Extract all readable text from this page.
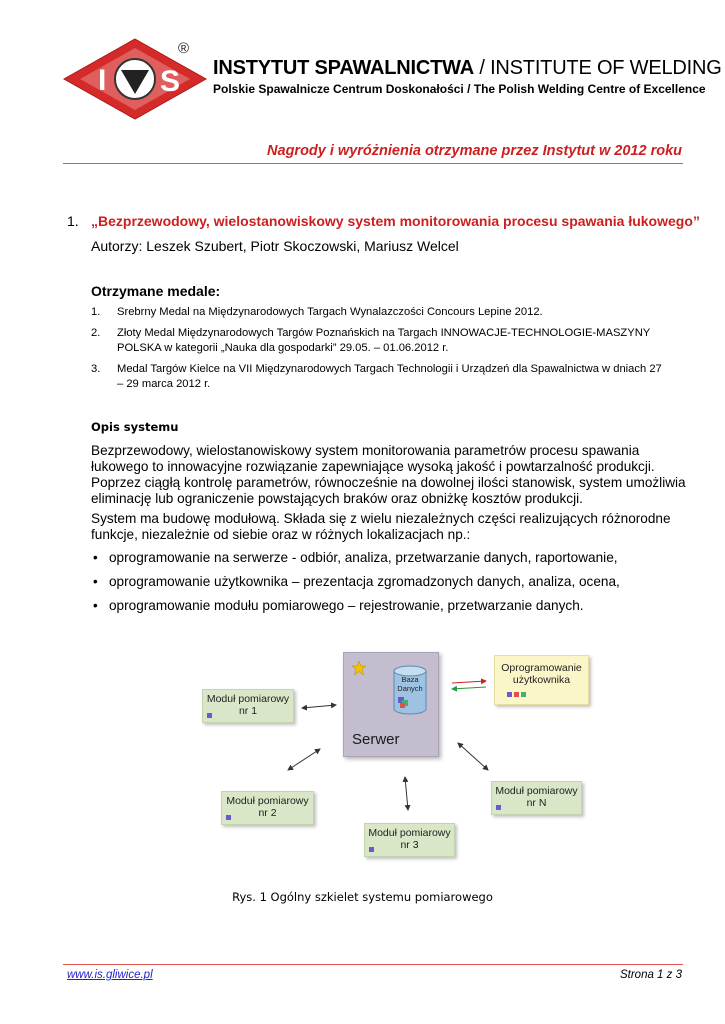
I S
®
INSTYTUT SPAWALNICTWA / INSTITUTE OF WELDING
Polskie Spawalnicze Centrum Doskonałości / The Polish Welding Centre of Excellence
Nagrody i wyróżnienia otrzymane przez Instytut w 2012 roku
1. „Bezprzewodowy, wielostanowiskowy system monitorowania procesu spawania łukowego”
Autorzy: Leszek Szubert, Piotr Skoczowski, Mariusz Welcel
Otrzymane medale:
1. Srebrny Medal na Międzynarodowych Targach Wynalazczości Concours Lepine 2012.
2. Złoty Medal Międzynarodowych Targów Poznańskich na Targach INNOWACJE-TECHNOLOGIE-MASZYNY POLSKA w kategorii „Nauka dla gospodarki” 29.05. – 01.06.2012 r.
3. Medal Targów Kielce na VII Międzynarodowych Targach Technologii i Urządzeń dla Spawalnictwa w dniach 27 – 29 marca 2012 r.
Opis systemu
Bezprzewodowy, wielostanowiskowy system monitorowania parametrów procesu spawania łukowego to innowacyjne rozwiązanie zapewniające wysoką jakość i powtarzalność produkcji. Poprzez ciągłą kontrolę parametrów, równocześnie na dowolnej ilości stanowisk, system umożliwia eliminację lub ograniczenie powstających braków oraz obniżkę kosztów produkcji.
System ma budowę modułową. Składa się z wielu niezależnych części realizujących różnorodne funkcje, niezależnie od siebie oraz w różnych lokalizacjach np.:
• oprogramowanie na serwerze - odbiór, analiza, przetwarzanie danych, raportowanie,
• oprogramowanie użytkownika – prezentacja zgromadzonych danych, analiza, ocena,
• oprogramowanie modułu pomiarowego – rejestrowanie, przetwarzanie danych.
Baza
Danych
Serwer
Oprogramowanie
użytkownika
Moduł pomiarowy
nr 1
Moduł pomiarowy
nr 2
Moduł pomiarowy
nr 3
Moduł pomiarowy
nr N
Rys. 1 Ogólny szkielet systemu pomiarowego
www.is.gliwice.pl	Strona 1 z 3
